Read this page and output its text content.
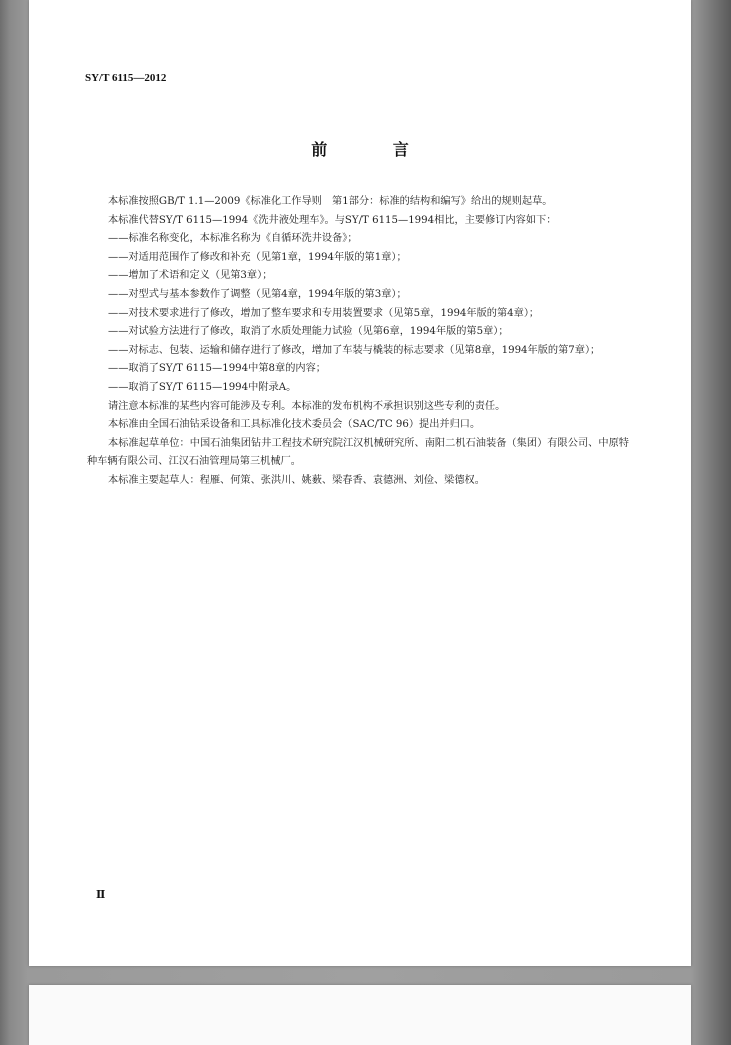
SY/T 6115—2012
前 言

本标准按照GB/T 1.1—2009《标准化工作导则　第1部分：标准的结构和编写》给出的规则起草。

本标准代替SY/T 6115—1994《洗井液处理车》。与SY/T 6115—1994相比，主要修订内容如下：

——标准名称变化，本标准名称为《自循环洗井设备》；

——对适用范围作了修改和补充（见第1章，1994年版的第1章）；

——增加了术语和定义（见第3章）；

——对型式与基本参数作了调整（见第4章，1994年版的第3章）；

——对技术要求进行了修改，增加了整车要求和专用装置要求（见第5章，1994年版的第4章）；

——对试验方法进行了修改，取消了水质处理能力试验（见第6章，1994年版的第5章）；

——对标志、包装、运输和储存进行了修改，增加了车装与橇装的标志要求（见第8章，1994年版的第7章）；

——取消了SY/T 6115—1994中第8章的内容；

——取消了SY/T 6115—1994中附录A。

请注意本标准的某些内容可能涉及专利。本标准的发布机构不承担识别这些专利的责任。

本标准由全国石油钻采设备和工具标准化技术委员会（SAC/TC 96）提出并归口。

本标准起草单位：中国石油集团钻井工程技术研究院江汉机械研究所、南阳二机石油装备（集团）有限公司、中原特种车辆有限公司、江汉石油管理局第三机械厂。

本标准主要起草人：程雁、何策、张洪川、姚薮、梁春香、袁德洲、刘俭、梁德权。

Ⅱ
